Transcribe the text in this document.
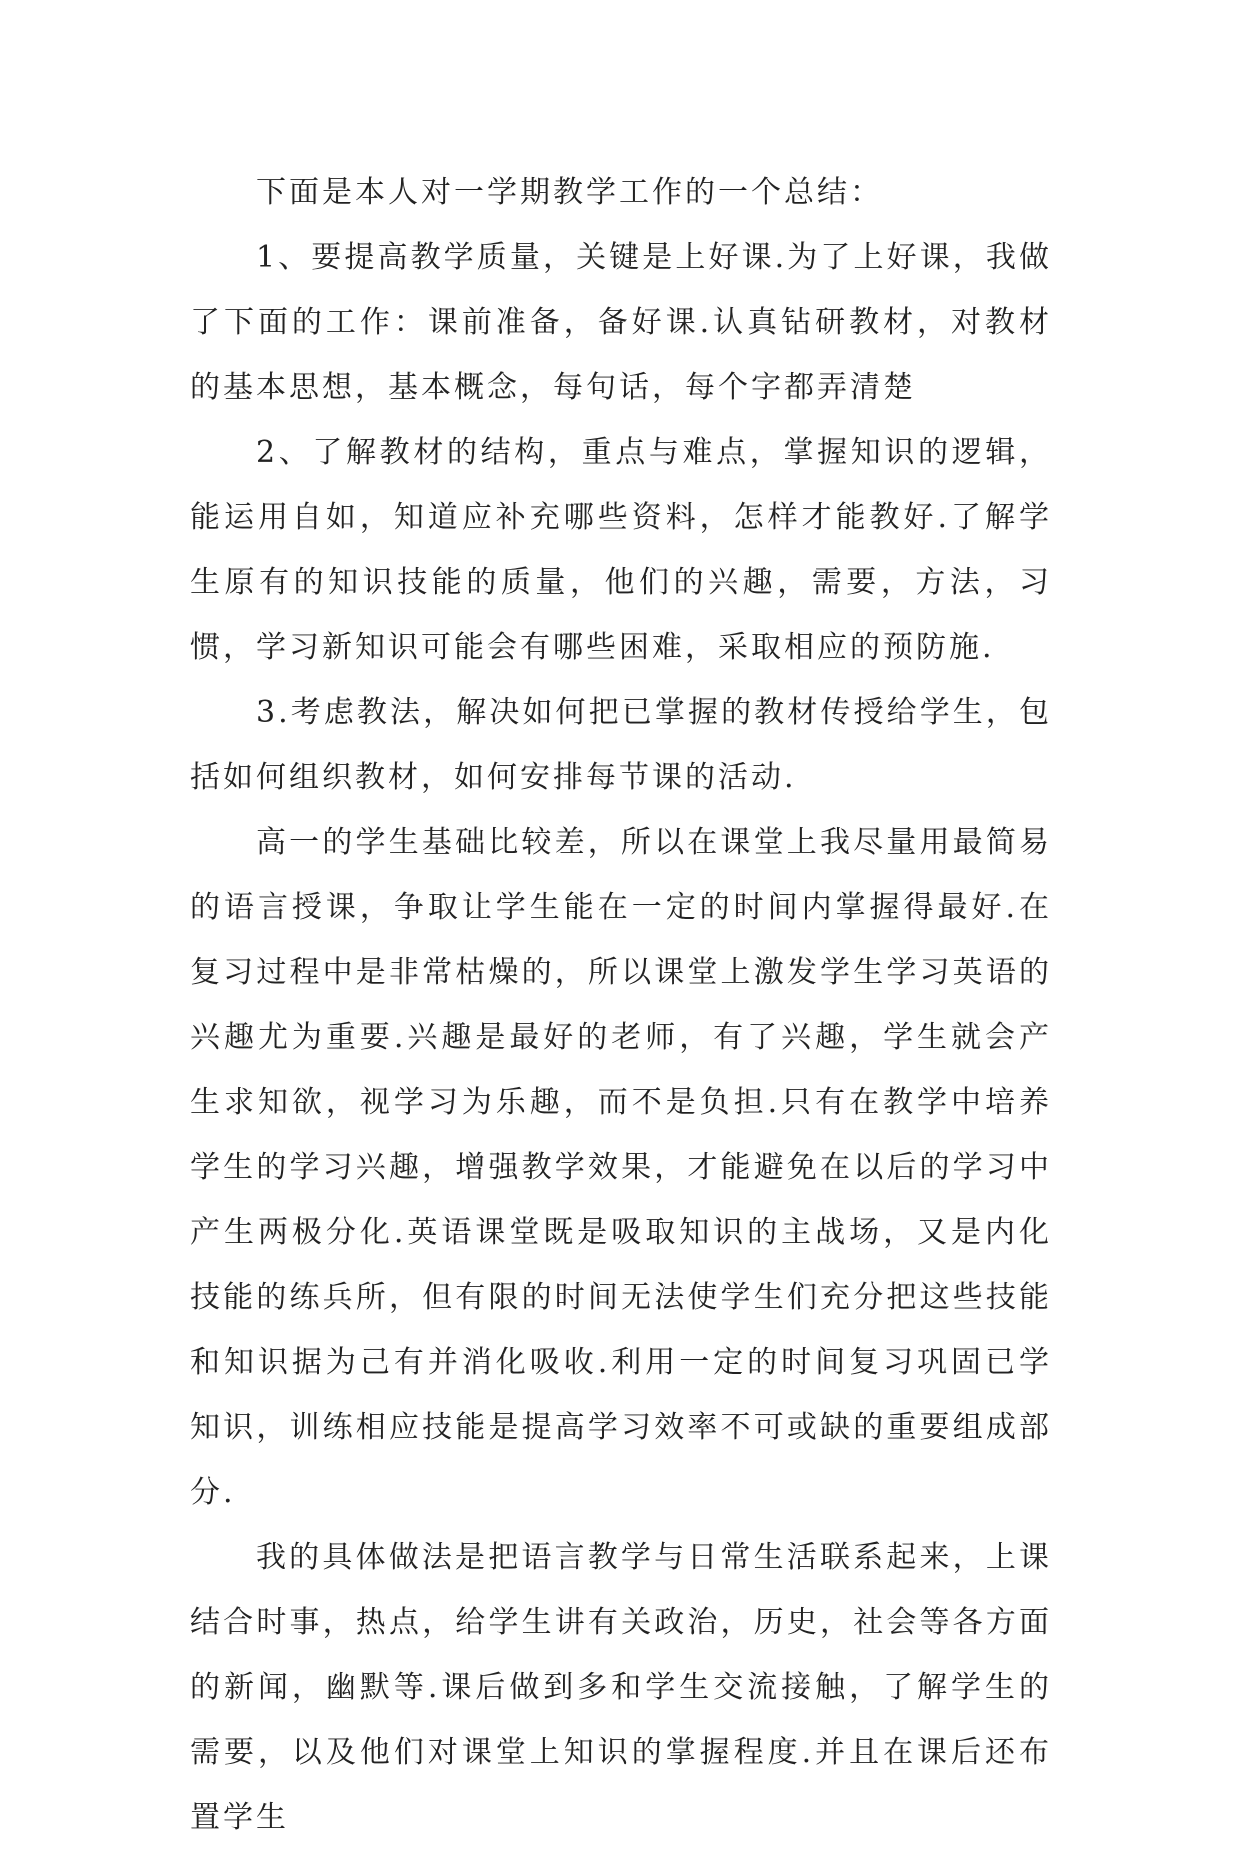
下面是本人对一学期教学工作的一个总结：

1、要提高教学质量，关键是上好课.为了上好课，我做了下面的工作：课前准备，备好课.认真钻研教材，对教材的基本思想，基本概念，每句话，每个字都弄清楚

2、了解教材的结构，重点与难点，掌握知识的逻辑，能运用自如，知道应补充哪些资料，怎样才能教好.了解学生原有的知识技能的质量，他们的兴趣，需要，方法，习惯，学习新知识可能会有哪些困难，采取相应的预防施.

3.考虑教法，解决如何把已掌握的教材传授给学生，包括如何组织教材，如何安排每节课的活动.

高一的学生基础比较差，所以在课堂上我尽量用最简易的语言授课，争取让学生能在一定的时间内掌握得最好.在复习过程中是非常枯燥的，所以课堂上激发学生学习英语的兴趣尤为重要.兴趣是最好的老师，有了兴趣，学生就会产生求知欲，视学习为乐趣，而不是负担.只有在教学中培养学生的学习兴趣，增强教学效果，才能避免在以后的学习中产生两极分化.英语课堂既是吸取知识的主战场，又是内化技能的练兵所，但有限的时间无法使学生们充分把这些技能和知识据为己有并消化吸收.利用一定的时间复习巩固已学知识，训练相应技能是提高学习效率不可或缺的重要组成部分.

我的具体做法是把语言教学与日常生活联系起来，上课结合时事，热点，给学生讲有关政治，历史，社会等各方面的新闻，幽默等.课后做到多和学生交流接触，了解学生的需要，以及他们对课堂上知识的掌握程度.并且在课后还布置学生
